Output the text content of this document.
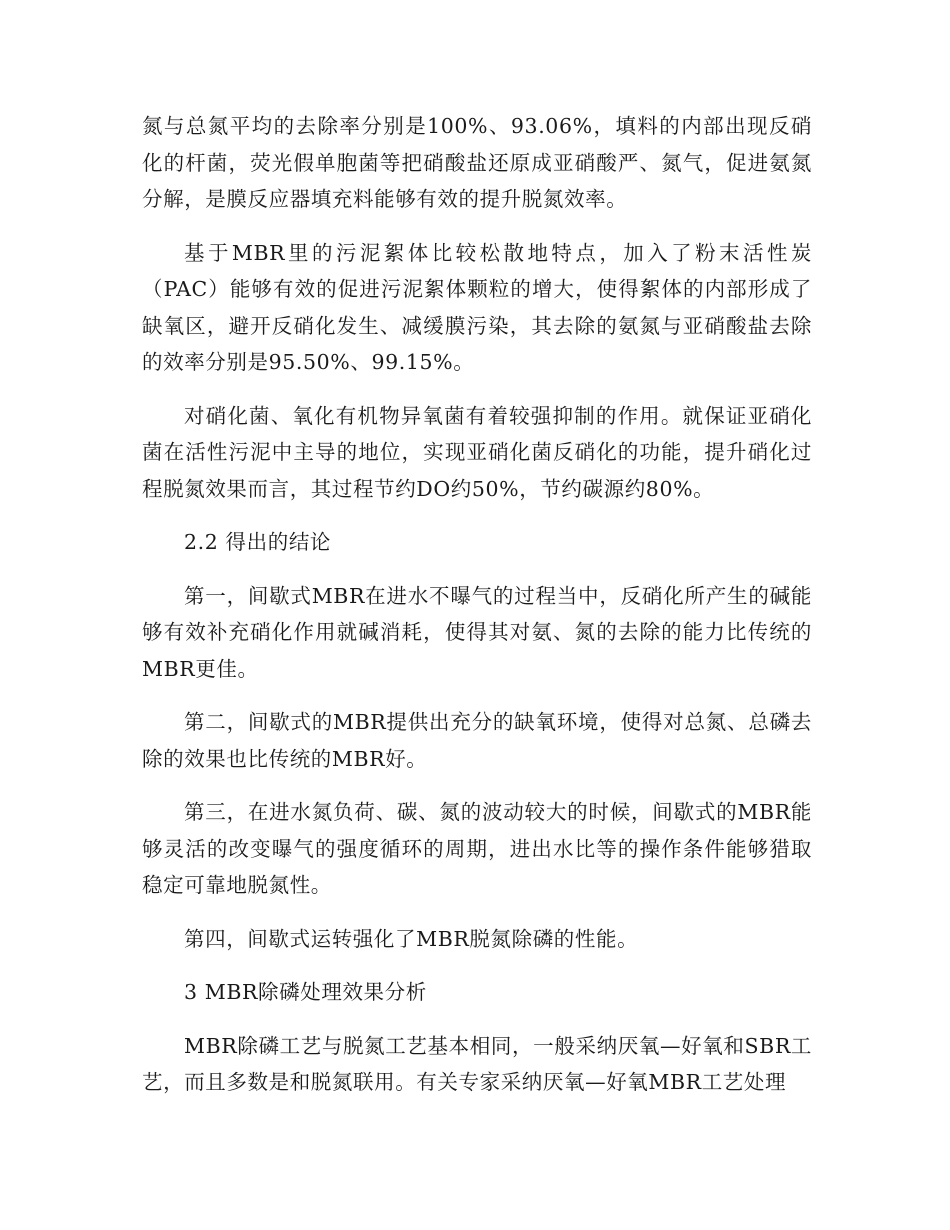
氮与总氮平均的去除率分别是100%、93.06%，填料的内部出现反硝化的杆菌，荧光假单胞菌等把硝酸盐还原成亚硝酸严、氮气，促进氨氮分解，是膜反应器填充料能够有效的提升脱氮效率。

基于MBR里的污泥絮体比较松散地特点，加入了粉末活性炭（PAC）能够有效的促进污泥絮体颗粒的增大，使得絮体的内部形成了缺氧区，避开反硝化发生、减缓膜污染，其去除的氨氮与亚硝酸盐去除的效率分别是95.50%、99.15%。

对硝化菌、氧化有机物异氧菌有着较强抑制的作用。就保证亚硝化菌在活性污泥中主导的地位，实现亚硝化菌反硝化的功能，提升硝化过程脱氮效果而言，其过程节约DO约50%，节约碳源约80%。

2.2 得出的结论

第一，间歇式MBR在进水不曝气的过程当中，反硝化所产生的碱能够有效补充硝化作用就碱消耗，使得其对氨、氮的去除的能力比传统的MBR更佳。

第二，间歇式的MBR提供出充分的缺氧环境，使得对总氮、总磷去除的效果也比传统的MBR好。

第三，在进水氮负荷、碳、氮的波动较大的时候，间歇式的MBR能够灵活的改变曝气的强度循环的周期，进出水比等的操作条件能够猎取稳定可靠地脱氮性。

第四，间歇式运转强化了MBR脱氮除磷的性能。

3 MBR除磷处理效果分析

MBR除磷工艺与脱氮工艺基本相同，一般采纳厌氧—好氧和SBR工艺，而且多数是和脱氮联用。有关专家采纳厌氧—好氧MBR工艺处理
